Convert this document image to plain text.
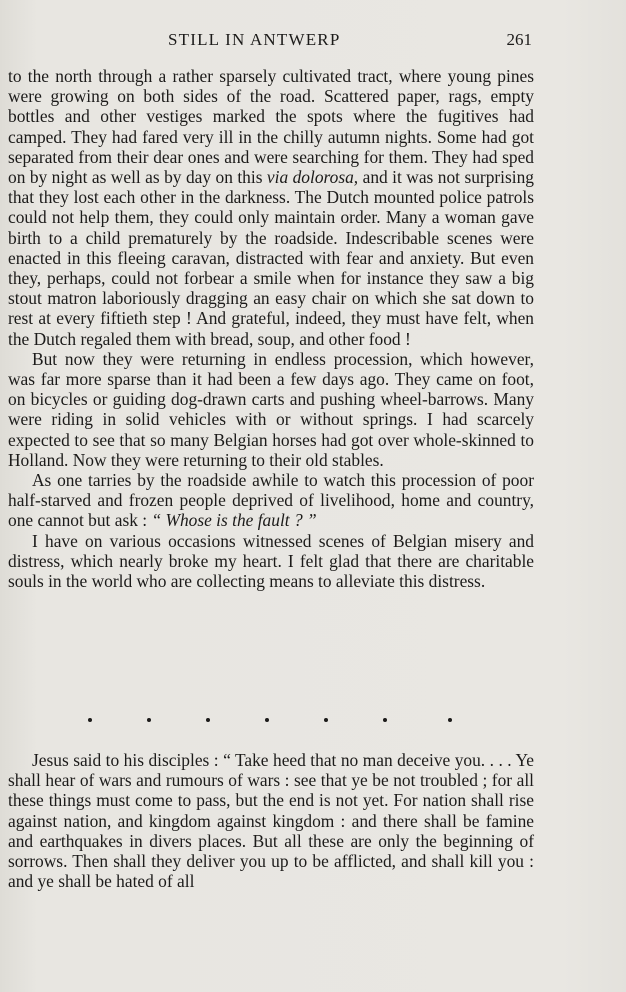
STILL IN ANTWERP	261

to the north through a rather sparsely cultivated tract, where young pines were growing on both sides of the road. Scattered paper, rags, empty bottles and other vestiges marked the spots where the fugitives had camped. They had fared very ill in the chilly autumn nights. Some had got separated from their dear ones and were searching for them. They had sped on by night as well as by day on this via dolorosa, and it was not surprising that they lost each other in the darkness. The Dutch mounted police patrols could not help them, they could only maintain order. Many a woman gave birth to a child prematurely by the roadside. Indescribable scenes were enacted in this fleeing caravan, distracted with fear and anxiety. But even they, perhaps, could not forbear a smile when for instance they saw a big stout matron laboriously dragging an easy chair on which she sat down to rest at every fiftieth step ! And grateful, indeed, they must have felt, when the Dutch regaled them with bread, soup, and other food !

But now they were returning in endless procession, which however, was far more sparse than it had been a few days ago. They came on foot, on bicycles or guiding dog-drawn carts and pushing wheel-barrows. Many were riding in solid vehicles with or without springs. I had scarcely expected to see that so many Belgian horses had got over whole-skinned to Holland. Now they were returning to their old stables.

As one tarries by the roadside awhile to watch this procession of poor half-starved and frozen people deprived of livelihood, home and country, one cannot but ask : “ Whose is the fault ? ”

I have on various occasions witnessed scenes of Belgian misery and distress, which nearly broke my heart. I felt glad that there are charitable souls in the world who are collecting means to alleviate this distress.

Jesus said to his disciples : “ Take heed that no man deceive you. . . . Ye shall hear of wars and rumours of wars : see that ye be not troubled ; for all these things must come to pass, but the end is not yet. For nation shall rise against nation, and kingdom against kingdom : and there shall be famine and earthquakes in divers places. But all these are only the beginning of sorrows. Then shall they deliver you up to be afflicted, and shall kill you : and ye shall be hated of all
